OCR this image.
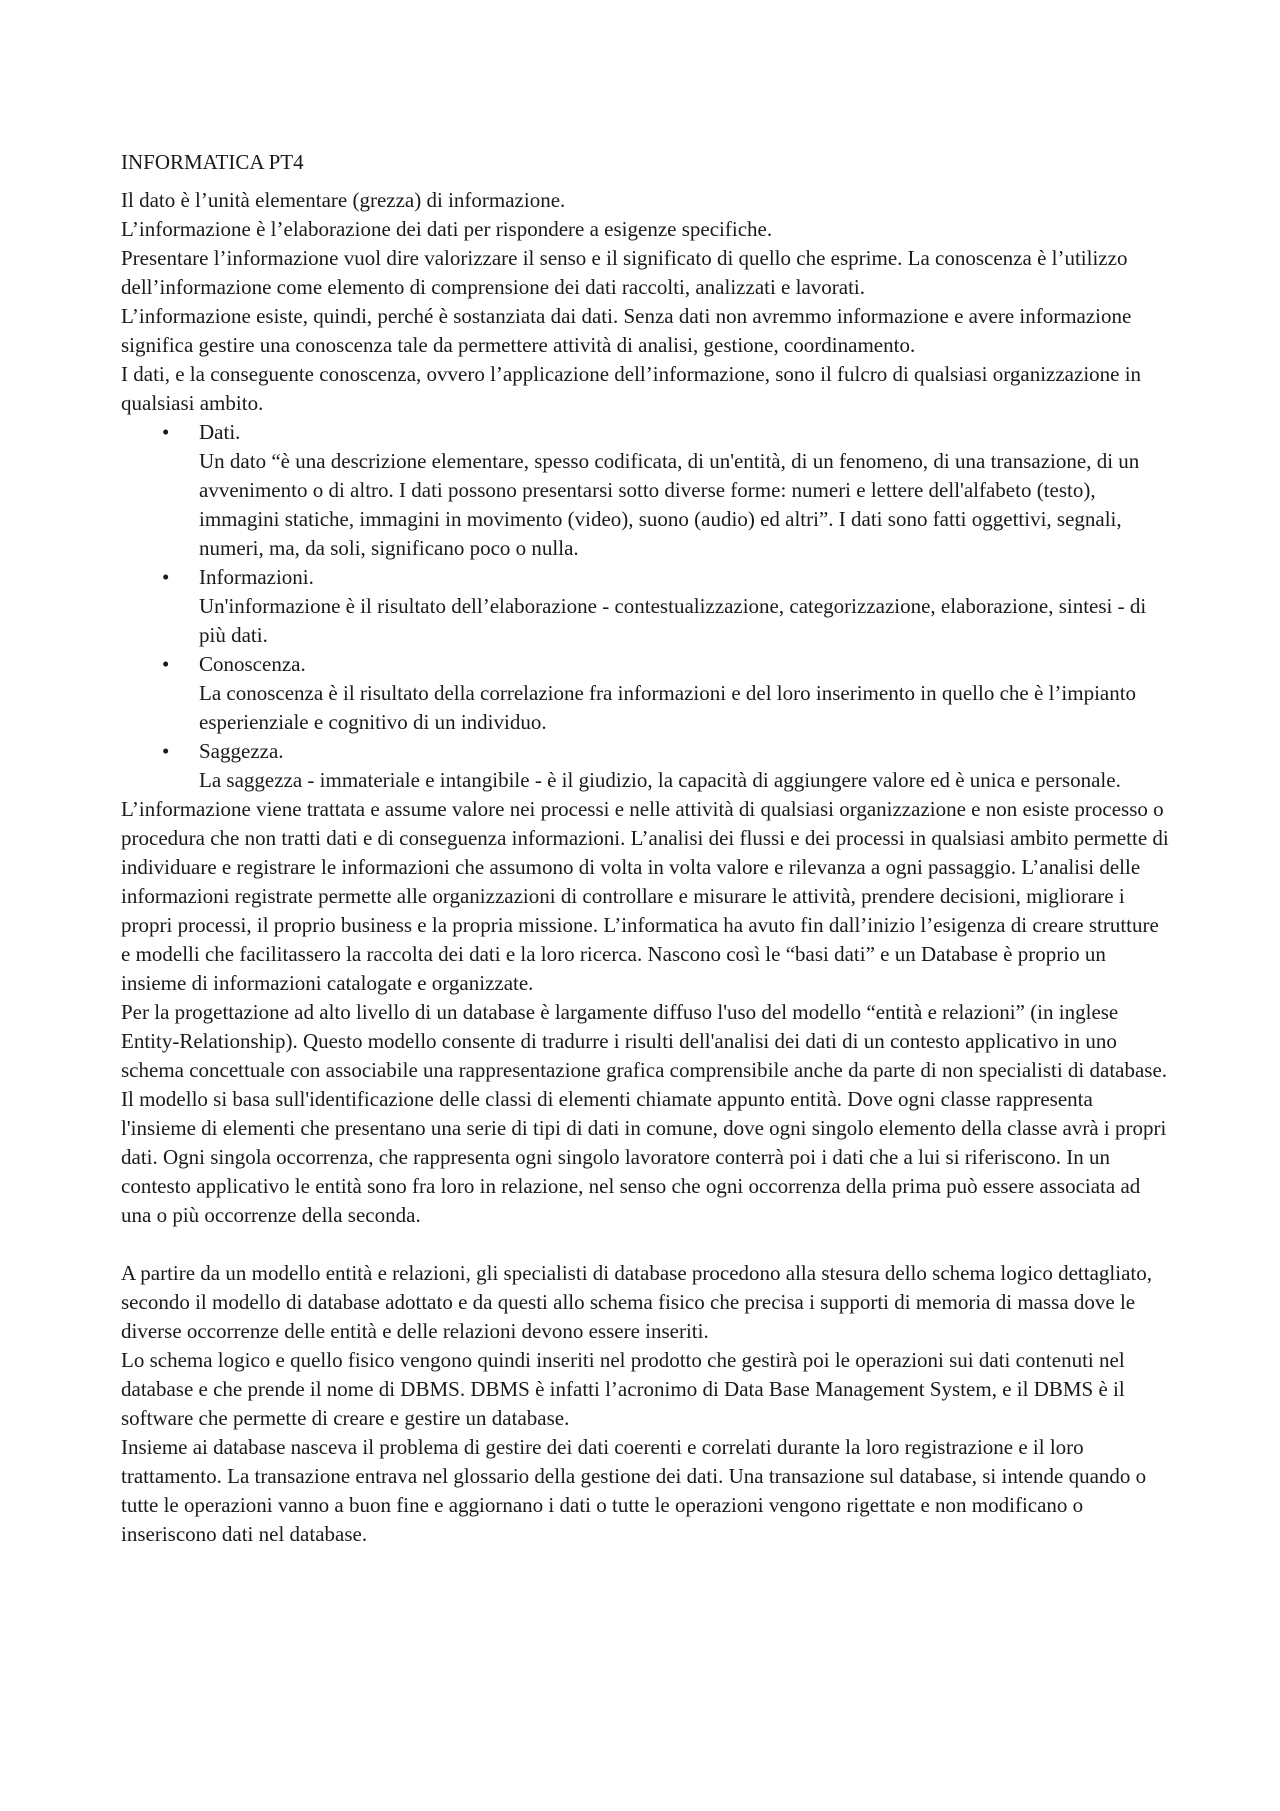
INFORMATICA PT4

Il dato è l’unità elementare (grezza) di informazione.

L’informazione è l’elaborazione dei dati per rispondere a esigenze specifiche.

Presentare l’informazione vuol dire valorizzare il senso e il significato di quello che esprime. La conoscenza è l’utilizzo dell’informazione come elemento di comprensione dei dati raccolti, analizzati e lavorati.

L’informazione esiste, quindi, perché è sostanziata dai dati. Senza dati non avremmo informazione e avere informazione significa gestire una conoscenza tale da permettere attività di analisi, gestione, coordinamento.

I dati, e la conseguente conoscenza, ovvero l’applicazione dell’informazione, sono il fulcro di qualsiasi organizzazione in qualsiasi ambito.

• Dati.
Un dato “è una descrizione elementare, spesso codificata, di un'entità, di un fenomeno, di una transazione, di un avvenimento o di altro. I dati possono presentarsi sotto diverse forme: numeri e lettere dell'alfabeto (testo), immagini statiche, immagini in movimento (video), suono (audio) ed altri”. I dati sono fatti oggettivi, segnali, numeri, ma, da soli, significano poco o nulla.
• Informazioni.
Un'informazione è il risultato dell’elaborazione - contestualizzazione, categorizzazione, elaborazione, sintesi - di più dati.
• Conoscenza.
La conoscenza è il risultato della correlazione fra informazioni e del loro inserimento in quello che è l’impianto esperienziale e cognitivo di un individuo.
• Saggezza.
La saggezza - immateriale e intangibile - è il giudizio, la capacità di aggiungere valore ed è unica e personale.

L’informazione viene trattata e assume valore nei processi e nelle attività di qualsiasi organizzazione e non esiste processo o procedura che non tratti dati e di conseguenza informazioni. L’analisi dei flussi e dei processi in qualsiasi ambito permette di individuare e registrare le informazioni che assumono di volta in volta valore e rilevanza a ogni passaggio. L’analisi delle informazioni registrate permette alle organizzazioni di controllare e misurare le attività, prendere decisioni, migliorare i propri processi, il proprio business e la propria missione. L’informatica ha avuto fin dall’inizio l’esigenza di creare strutture e modelli che facilitassero la raccolta dei dati e la loro ricerca. Nascono così le “basi dati” e un Database è proprio un insieme di informazioni catalogate e organizzate.

Per la progettazione ad alto livello di un database è largamente diffuso l'uso del modello “entità e relazioni” (in inglese Entity-Relationship). Questo modello consente di tradurre i risulti dell'analisi dei dati di un contesto applicativo in uno schema concettuale con associabile una rappresentazione grafica comprensibile anche da parte di non specialisti di database. Il modello si basa sull'identificazione delle classi di elementi chiamate appunto entità. Dove ogni classe rappresenta l'insieme di elementi che presentano una serie di tipi di dati in comune, dove ogni singolo elemento della classe avrà i propri dati. Ogni singola occorrenza, che rappresenta ogni singolo lavoratore conterrà poi i dati che a lui si riferiscono. In un contesto applicativo le entità sono fra loro in relazione, nel senso che ogni occorrenza della prima può essere associata ad una o più occorrenze della seconda.

A partire da un modello entità e relazioni, gli specialisti di database procedono alla stesura dello schema logico dettagliato, secondo il modello di database adottato e da questi allo schema fisico che precisa i supporti di memoria di massa dove le diverse occorrenze delle entità e delle relazioni devono essere inseriti.

Lo schema logico e quello fisico vengono quindi inseriti nel prodotto che gestirà poi le operazioni sui dati contenuti nel database e che prende il nome di DBMS. DBMS è infatti l’acronimo di Data Base Management System, e il DBMS è il software che permette di creare e gestire un database.

Insieme ai database nasceva il problema di gestire dei dati coerenti e correlati durante la loro registrazione e il loro trattamento. La transazione entrava nel glossario della gestione dei dati. Una transazione sul database, si intende quando o tutte le operazioni vanno a buon fine e aggiornano i dati o tutte le operazioni vengono rigettate e non modificano o inseriscono dati nel database.
